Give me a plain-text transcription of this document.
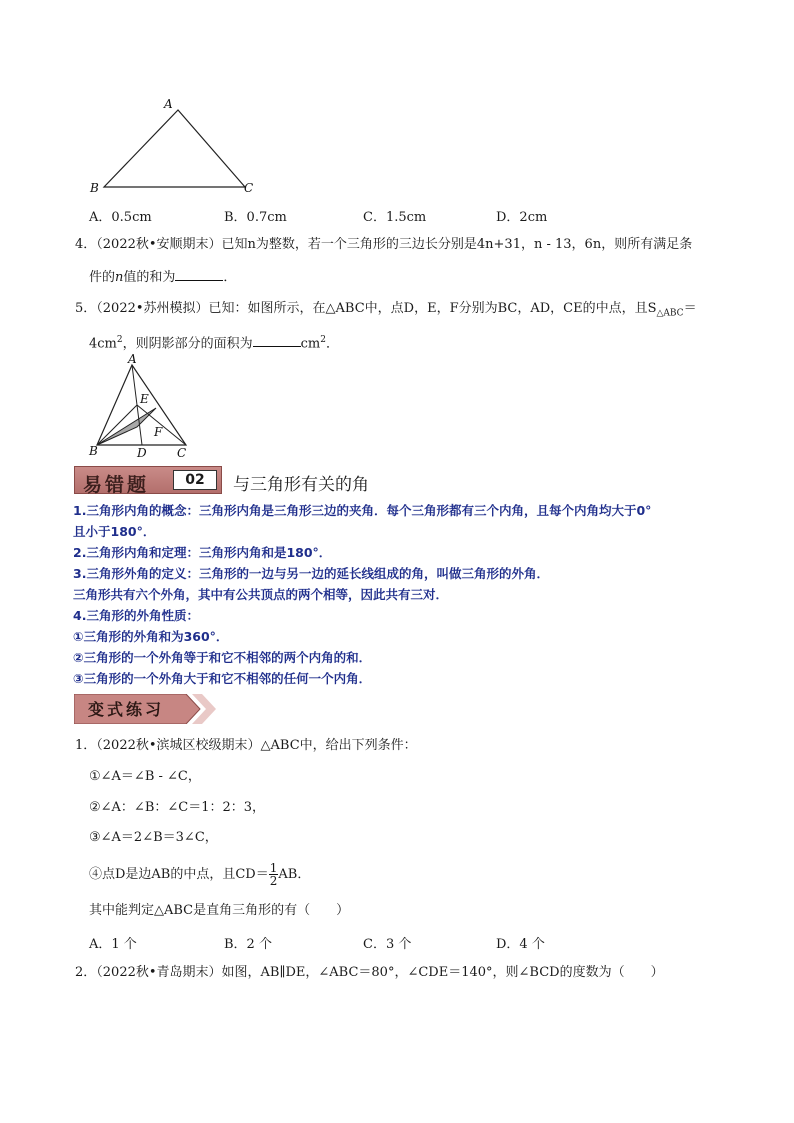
A
B	C
A．0.5cm	B．0.7cm	C．1.5cm	D．2cm
4．（2022秋•安顺期末）已知n为整数，若一个三角形的三边长分别是4n+31，n - 13，6n，则所有满足条
件的n值的和为	．
5．（2022•苏州模拟）已知：如图所示，在△ABC中，点D，E，F分别为BC，AD，CE的中点，且$S_{\triangle ABC}=$
$4cm^2$，则阴影部分的面积为	$cm^2$．
A
B	D	C
E
F
易错题	02	与三角形有关的角
1.三角形内角的概念：三角形内角是三角形三边的夹角．每个三角形都有三个内角，且每个内角均大于0°
且小于180°．
2.三角形内角和定理：三角形内角和是180°．
3.三角形外角的定义：三角形的一边与另一边的延长线组成的角，叫做三角形的外角．
三角形共有六个外角，其中有公共顶点的两个相等，因此共有三对．
4.三角形的外角性质：
①三角形的外角和为360°．
②三角形的一个外角等于和它不相邻的两个内角的和．
③三角形的一个外角大于和它不相邻的任何一个内角．
变式练习
1．（2022秋•滨城区校级期末）△ABC中，给出下列条件：
①∠A＝∠B - ∠C，
②∠A：∠B：∠C＝1：2：3，
③∠A＝2∠B＝3∠C，
④点D是边AB的中点，且$CD= \frac{1}{2}$ AB．
其中能判定△ABC是直角三角形的有（　　）
A．1 个	B．2 个	C．3 个	D．4 个
2．（2022秋•青岛期末）如图，AB∥DE，∠ABC＝80°，∠CDE＝140°，则∠BCD的度数为（　　）
